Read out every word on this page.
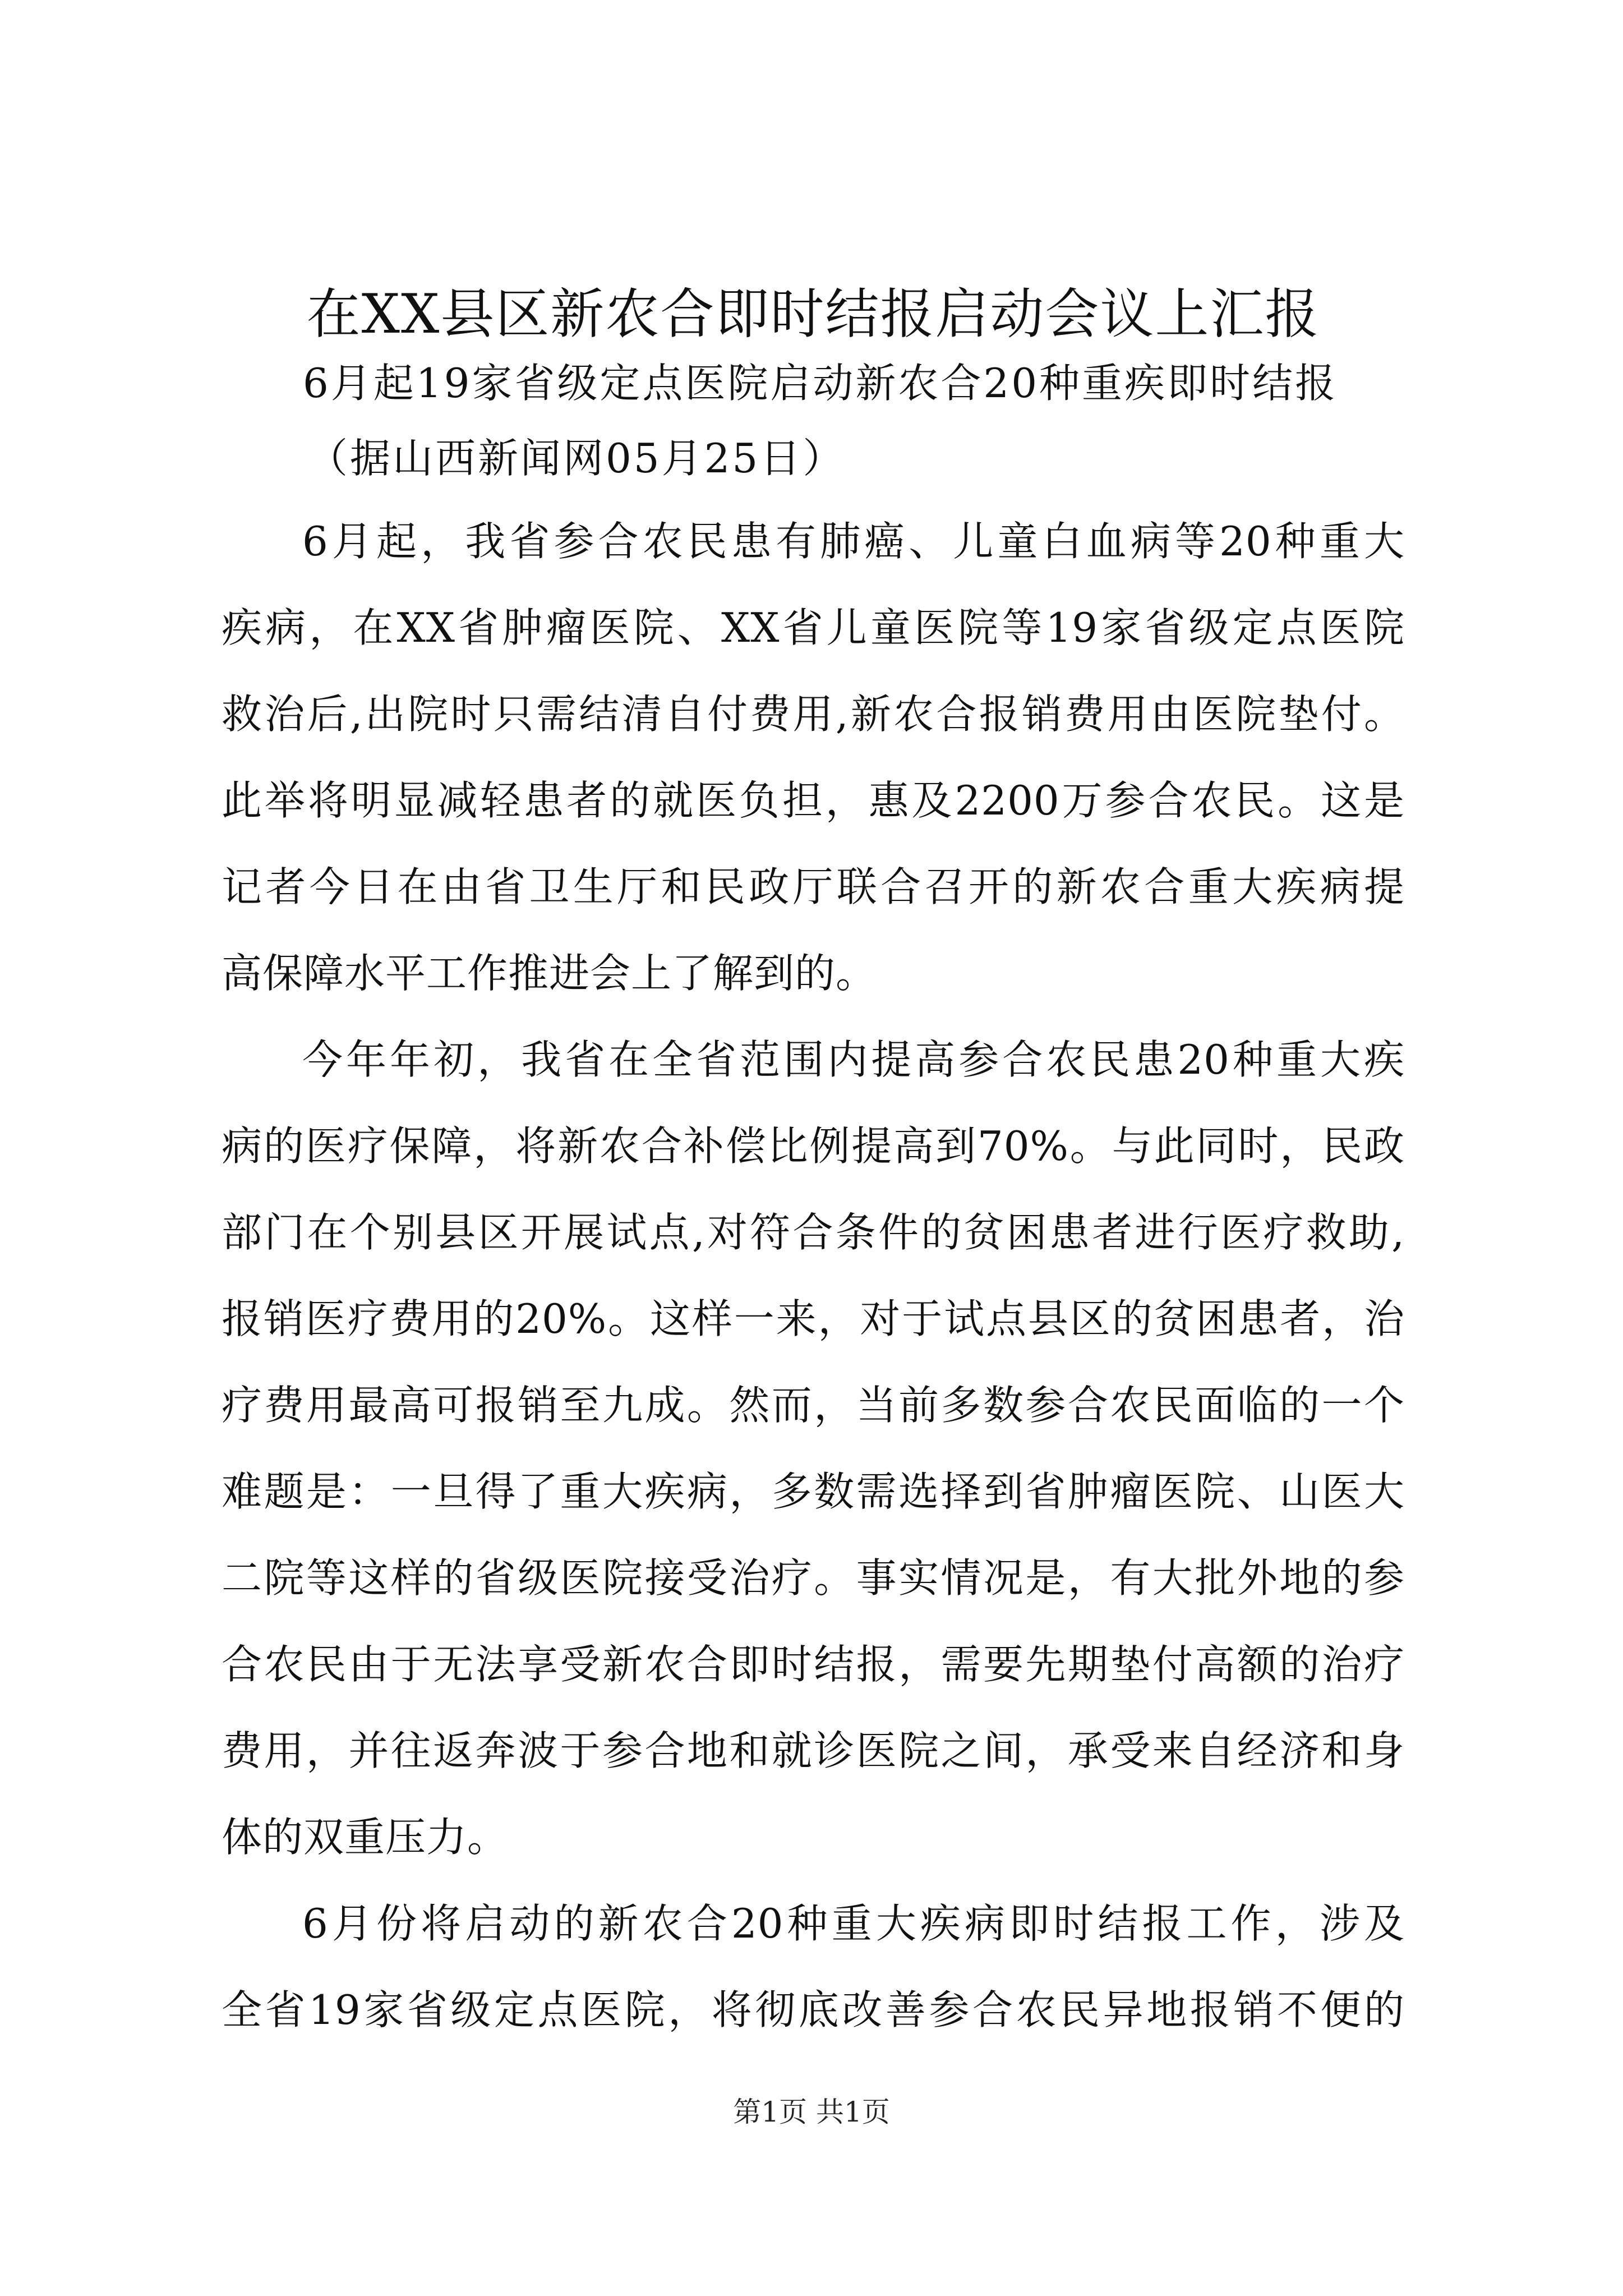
在XX县区新农合即时结报启动会议上汇报
6月起19家省级定点医院启动新农合20种重疾即时结报
（据山西新闻网05月25日）
6月起，我省参合农民患有肺癌、儿童白血病等20种重大
疾病，在XX省肿瘤医院、XX省儿童医院等19家省级定点医院
救治后,出院时只需结清自付费用,新农合报销费用由医院垫付。
此举将明显减轻患者的就医负担，惠及2200万参合农民。这是
记者今日在由省卫生厅和民政厅联合召开的新农合重大疾病提
高保障水平工作推进会上了解到的。
今年年初，我省在全省范围内提高参合农民患20种重大疾
病的医疗保障，将新农合补偿比例提高到70%。与此同时，民政
部门在个别县区开展试点,对符合条件的贫困患者进行医疗救助,
报销医疗费用的20%。这样一来，对于试点县区的贫困患者，治
疗费用最高可报销至九成。然而，当前多数参合农民面临的一个
难题是：一旦得了重大疾病，多数需选择到省肿瘤医院、山医大
二院等这样的省级医院接受治疗。事实情况是，有大批外地的参
合农民由于无法享受新农合即时结报，需要先期垫付高额的治疗
费用，并往返奔波于参合地和就诊医院之间，承受来自经济和身
体的双重压力。
6月份将启动的新农合20种重大疾病即时结报工作，涉及
全省19家省级定点医院，将彻底改善参合农民异地报销不便的
第1页 共1页
